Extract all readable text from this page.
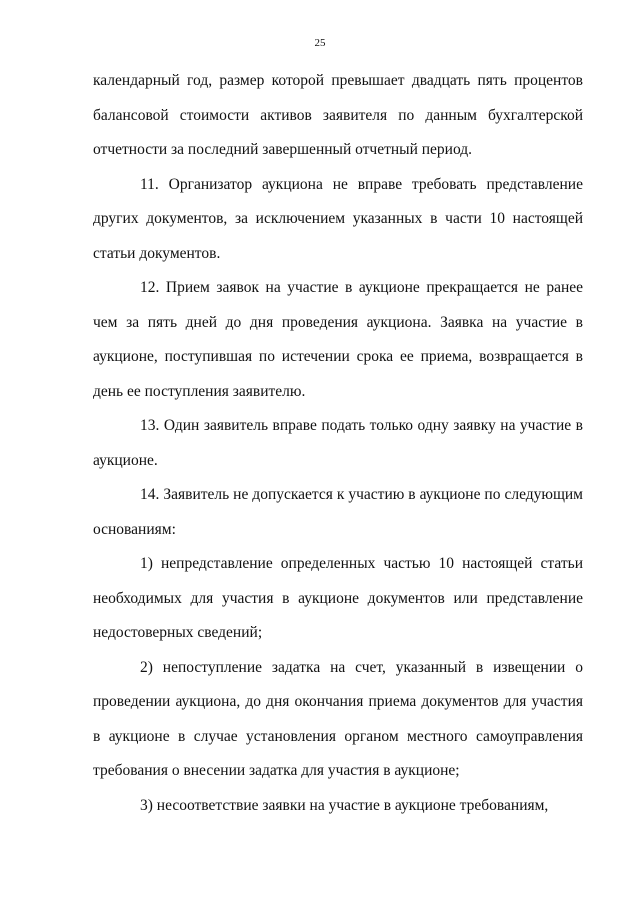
25

календарный год, размер которой превышает двадцать пять процентов балансовой стоимости активов заявителя по данным бухгалтерской отчетности за последний завершенный отчетный период.

11. Организатор аукциона не вправе требовать представление других документов, за исключением указанных в части 10 настоящей статьи документов.

12. Прием заявок на участие в аукционе прекращается не ранее чем за пять дней до дня проведения аукциона. Заявка на участие в аукционе, поступившая по истечении срока ее приема, возвращается в день ее поступления заявителю.

13. Один заявитель вправе подать только одну заявку на участие в аукционе.

14. Заявитель не допускается к участию в аукционе по следующим основаниям:

1) непредставление определенных частью 10 настоящей статьи необходимых для участия в аукционе документов или представление недостоверных сведений;

2) непоступление задатка на счет, указанный в извещении о проведении аукциона, до дня окончания приема документов для участия в аукционе в случае установления органом местного самоуправления требования о внесении задатка для участия в аукционе;

3) несоответствие заявки на участие в аукционе требованиям,
